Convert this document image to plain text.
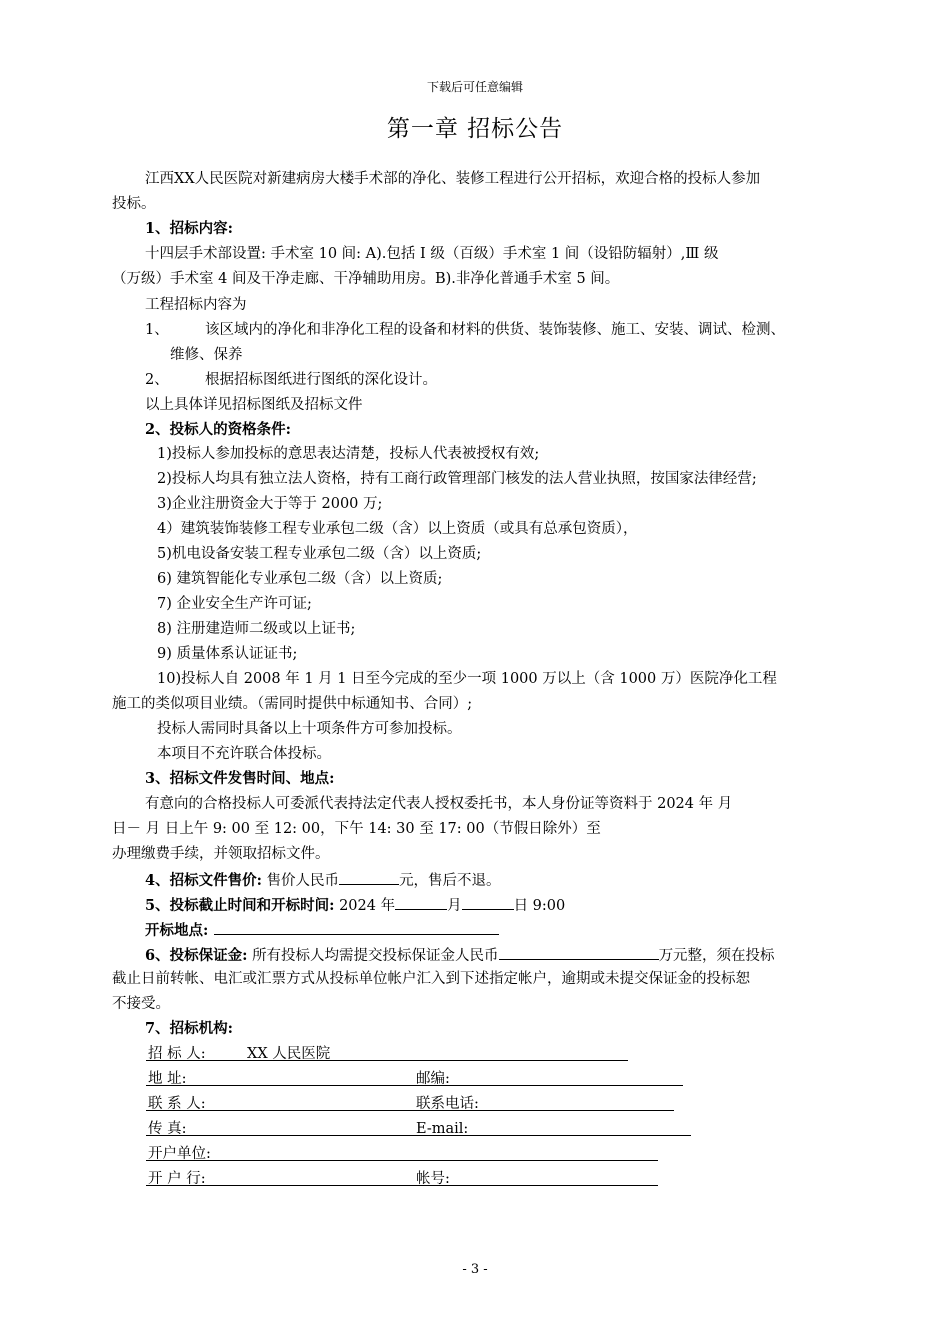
下载后可任意编辑
第一章 招标公告
江西XX人民医院对新建病房大楼手术部的净化、装修工程进行公开招标，欢迎合格的投标人参加
投标。
1、招标内容:
十四层手术部设置: 手术室 10 间: A).包括 I 级（百级）手术室 1 间（设铅防辐射）,Ⅲ 级
（万级）手术室 4 间及干净走廊、干净辅助用房。B).非净化普通手术室 5 间。
工程招标内容为
1、	该区域内的净化和非净化工程的设备和材料的供货、装饰装修、施工、安装、调试、检测、
维修、保养
2、	根据招标图纸进行图纸的深化设计。
以上具体详见招标图纸及招标文件
2、投标人的资格条件:
1)投标人参加投标的意思表达清楚，投标人代表被授权有效;
2)投标人均具有独立法人资格，持有工商行政管理部门核发的法人营业执照，按国家法律经营;
3)企业注册资金大于等于 2000 万;
4）建筑装饰装修工程专业承包二级（含）以上资质（或具有总承包资质），
5)机电设备安装工程专业承包二级（含）以上资质;
6) 建筑智能化专业承包二级（含）以上资质;
7) 企业安全生产许可证;
8) 注册建造师二级或以上证书;
9) 质量体系认证证书;
10)投标人自 2008 年 1 月 1 日至今完成的至少一项 1000 万以上（含 1000 万）医院净化工程
施工的类似项目业绩。（需同时提供中标通知书、合同）;
投标人需同时具备以上十项条件方可参加投标。
本项目不充许联合体投标。
3、招标文件发售时间、地点:
有意向的合格投标人可委派代表持法定代表人授权委托书，本人身份证等资料于 2024 年 月
日－ 月 日上午 9: 00 至 12: 00，下午 14: 30 至 17: 00（节假日除外）至
办理缴费手续，并领取招标文件。
4、招标文件售价: 售价人民币	元，售后不退。
5、投标截止时间和开标时间: 2024 年	月	日 9:00
开标地点:
6、投标保证金: 所有投标人均需提交投标保证金人民币	万元整，须在投标
截止日前转帐、电汇或汇票方式从投标单位帐户汇入到下述指定帐户，逾期或未提交保证金的投标恕
不接受。
7、招标机构:
招 标 人:	XX 人民医院
地 址:	邮编:
联 系 人:	联系电话:
传 真:	E-mail:
开户单位:
开 户 行:	帐号:
- 3 -
